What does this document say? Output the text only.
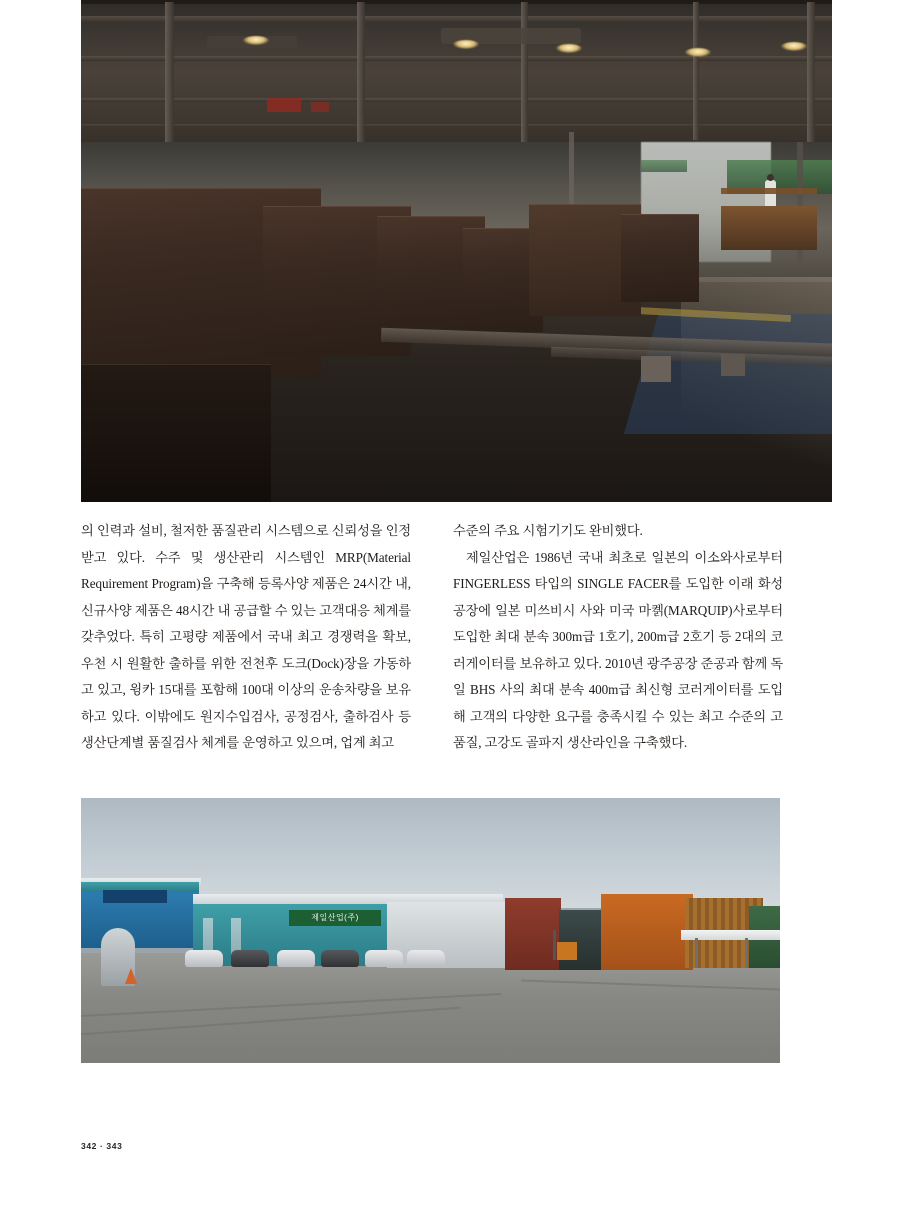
의 인력과 설비, 철저한 품질관리 시스템으로 신뢰성을 인정받고 있다. 수주 및 생산관리 시스템인 MRP(Material Requirement Program)을 구축해 등록사양 제품은 24시간 내, 신규사양 제품은 48시간 내 공급할 수 있는 고객대응 체계를 갖추었다. 특히 고평량 제품에서 국내 최고 경쟁력을 확보, 우천 시 원활한 출하를 위한 전천후 도크(Dock)장을 가동하고 있고, 윙카 15대를 포함해 100대 이상의 운송차량을 보유하고 있다. 이밖에도 원지수입검사, 공정검사, 출하검사 등 생산단계별 품질검사 체계를 운영하고 있으며, 업계 최고

수준의 주요 시험기기도 완비했다.

제일산업은 1986년 국내 최초로 일본의 이소와사로부터 FINGERLESS 타입의 SINGLE FACER를 도입한 이래 화성 공장에 일본 미쓰비시 사와 미국 마콁(MARQUIP)사로부터 도입한 최대 분속 300m급 1호기, 200m급 2호기 등 2대의 코러게이터를 보유하고 있다. 2010년 광주공장 준공과 함께 독일 BHS 사의 최대 분속 400m급 최신형 코러게이터를 도입해 고객의 다양한 요구를 충족시킬 수 있는 최고 수준의 고품질, 고강도 골파지 생산라인을 구축했다.

제일산업(주)
342 · 343
